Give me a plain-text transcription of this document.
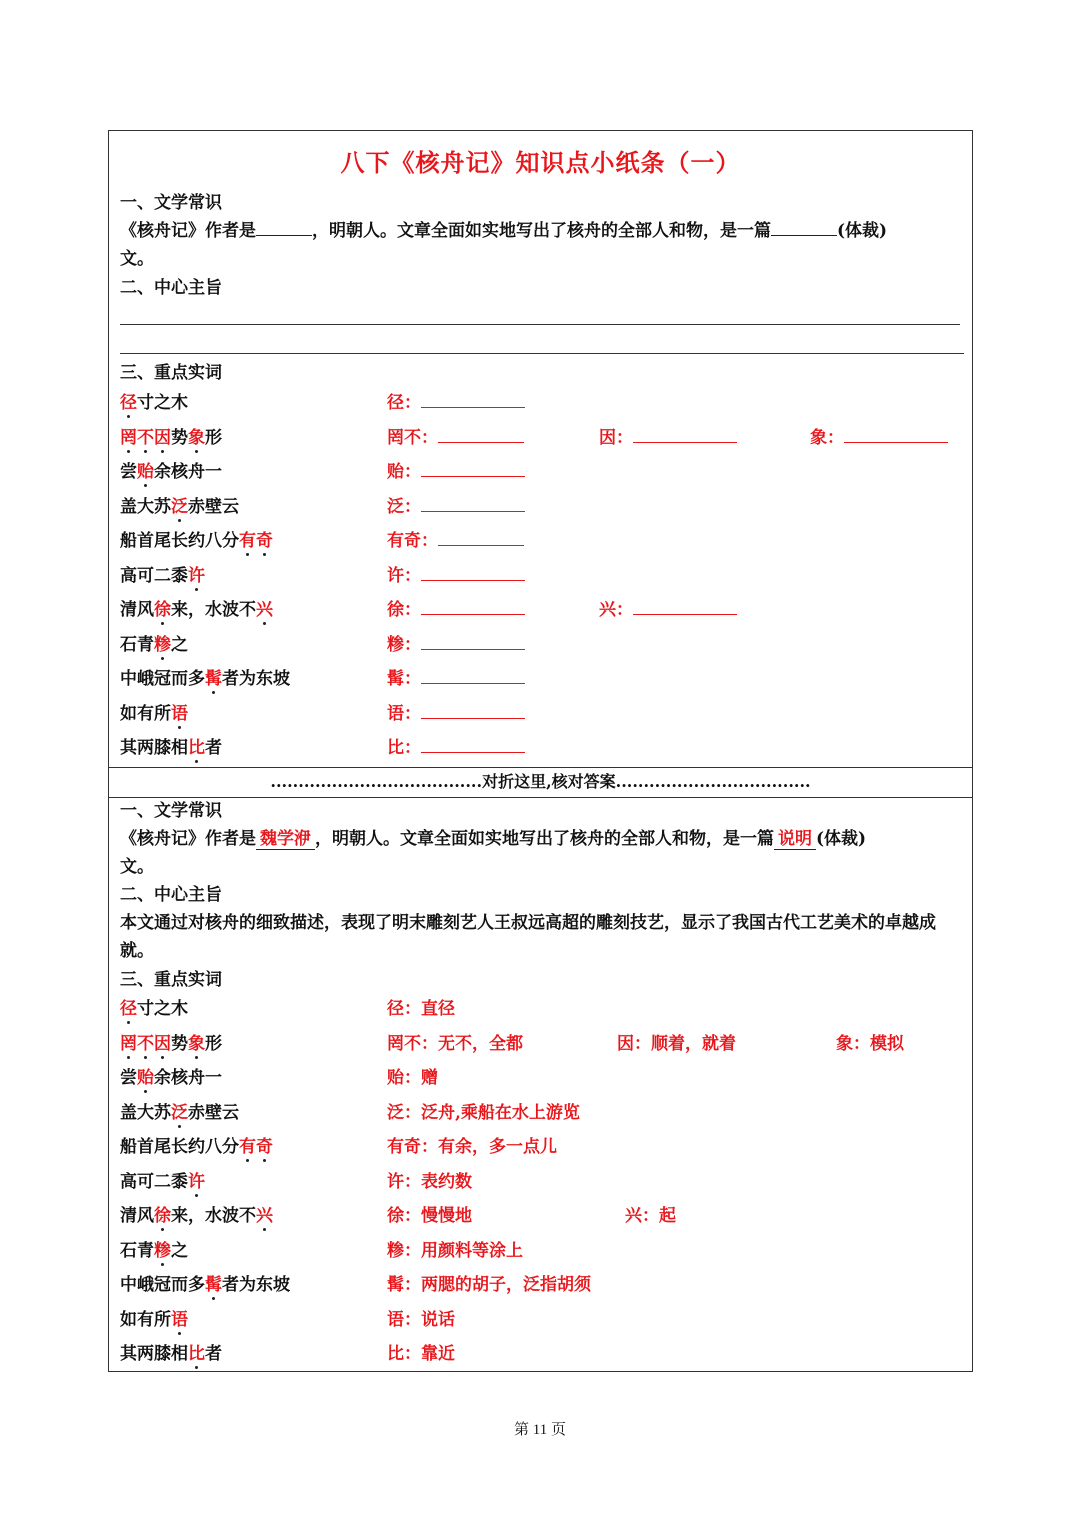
八下《核舟记》知识点小纸条（一）
一、文学常识
《核舟记》作者是	，明朝人。文章全面如实地写出了核舟的全部人和物，是一篇	(体裁)
文。
二、中心主旨
三、重点实词
径寸之木	径：
罔不因势象形	罔不：	因：	象：
尝贻余核舟一	贻：
盖大苏泛赤壁云	泛：
船首尾长约八分有奇	有奇：
高可二黍许	许：
清风徐来，水波不兴	徐：	兴：
石青糁之	糁：
中峨冠而多髯者为东坡	髯：
如有所语	语：
其两膝相比者	比：
......................................对折这里,核对答案...................................
一、文学常识
《核舟记》作者是 魏学洢 ，明朝人。文章全面如实地写出了核舟的全部人和物，是一篇 说明 (体裁)
文。
二、中心主旨
本文通过对核舟的细致描述，表现了明末雕刻艺人王叔远高超的雕刻技艺，显示了我国古代工艺美术的卓越成就。
三、重点实词
径寸之木	径：直径
罔不因势象形	罔不：无不，全都	因：顺着，就着	象：模拟
尝贻余核舟一	贻：赠
盖大苏泛赤壁云	泛：泛舟,乘船在水上游览
船首尾长约八分有奇	有奇：有余，多一点儿
高可二黍许	许：表约数
清风徐来，水波不兴	徐：慢慢地	兴：起
石青糁之	糁：用颜料等涂上
中峨冠而多髯者为东坡	髯：两腮的胡子，泛指胡须
如有所语	语：说话
其两膝相比者	比：靠近
第 11 页
